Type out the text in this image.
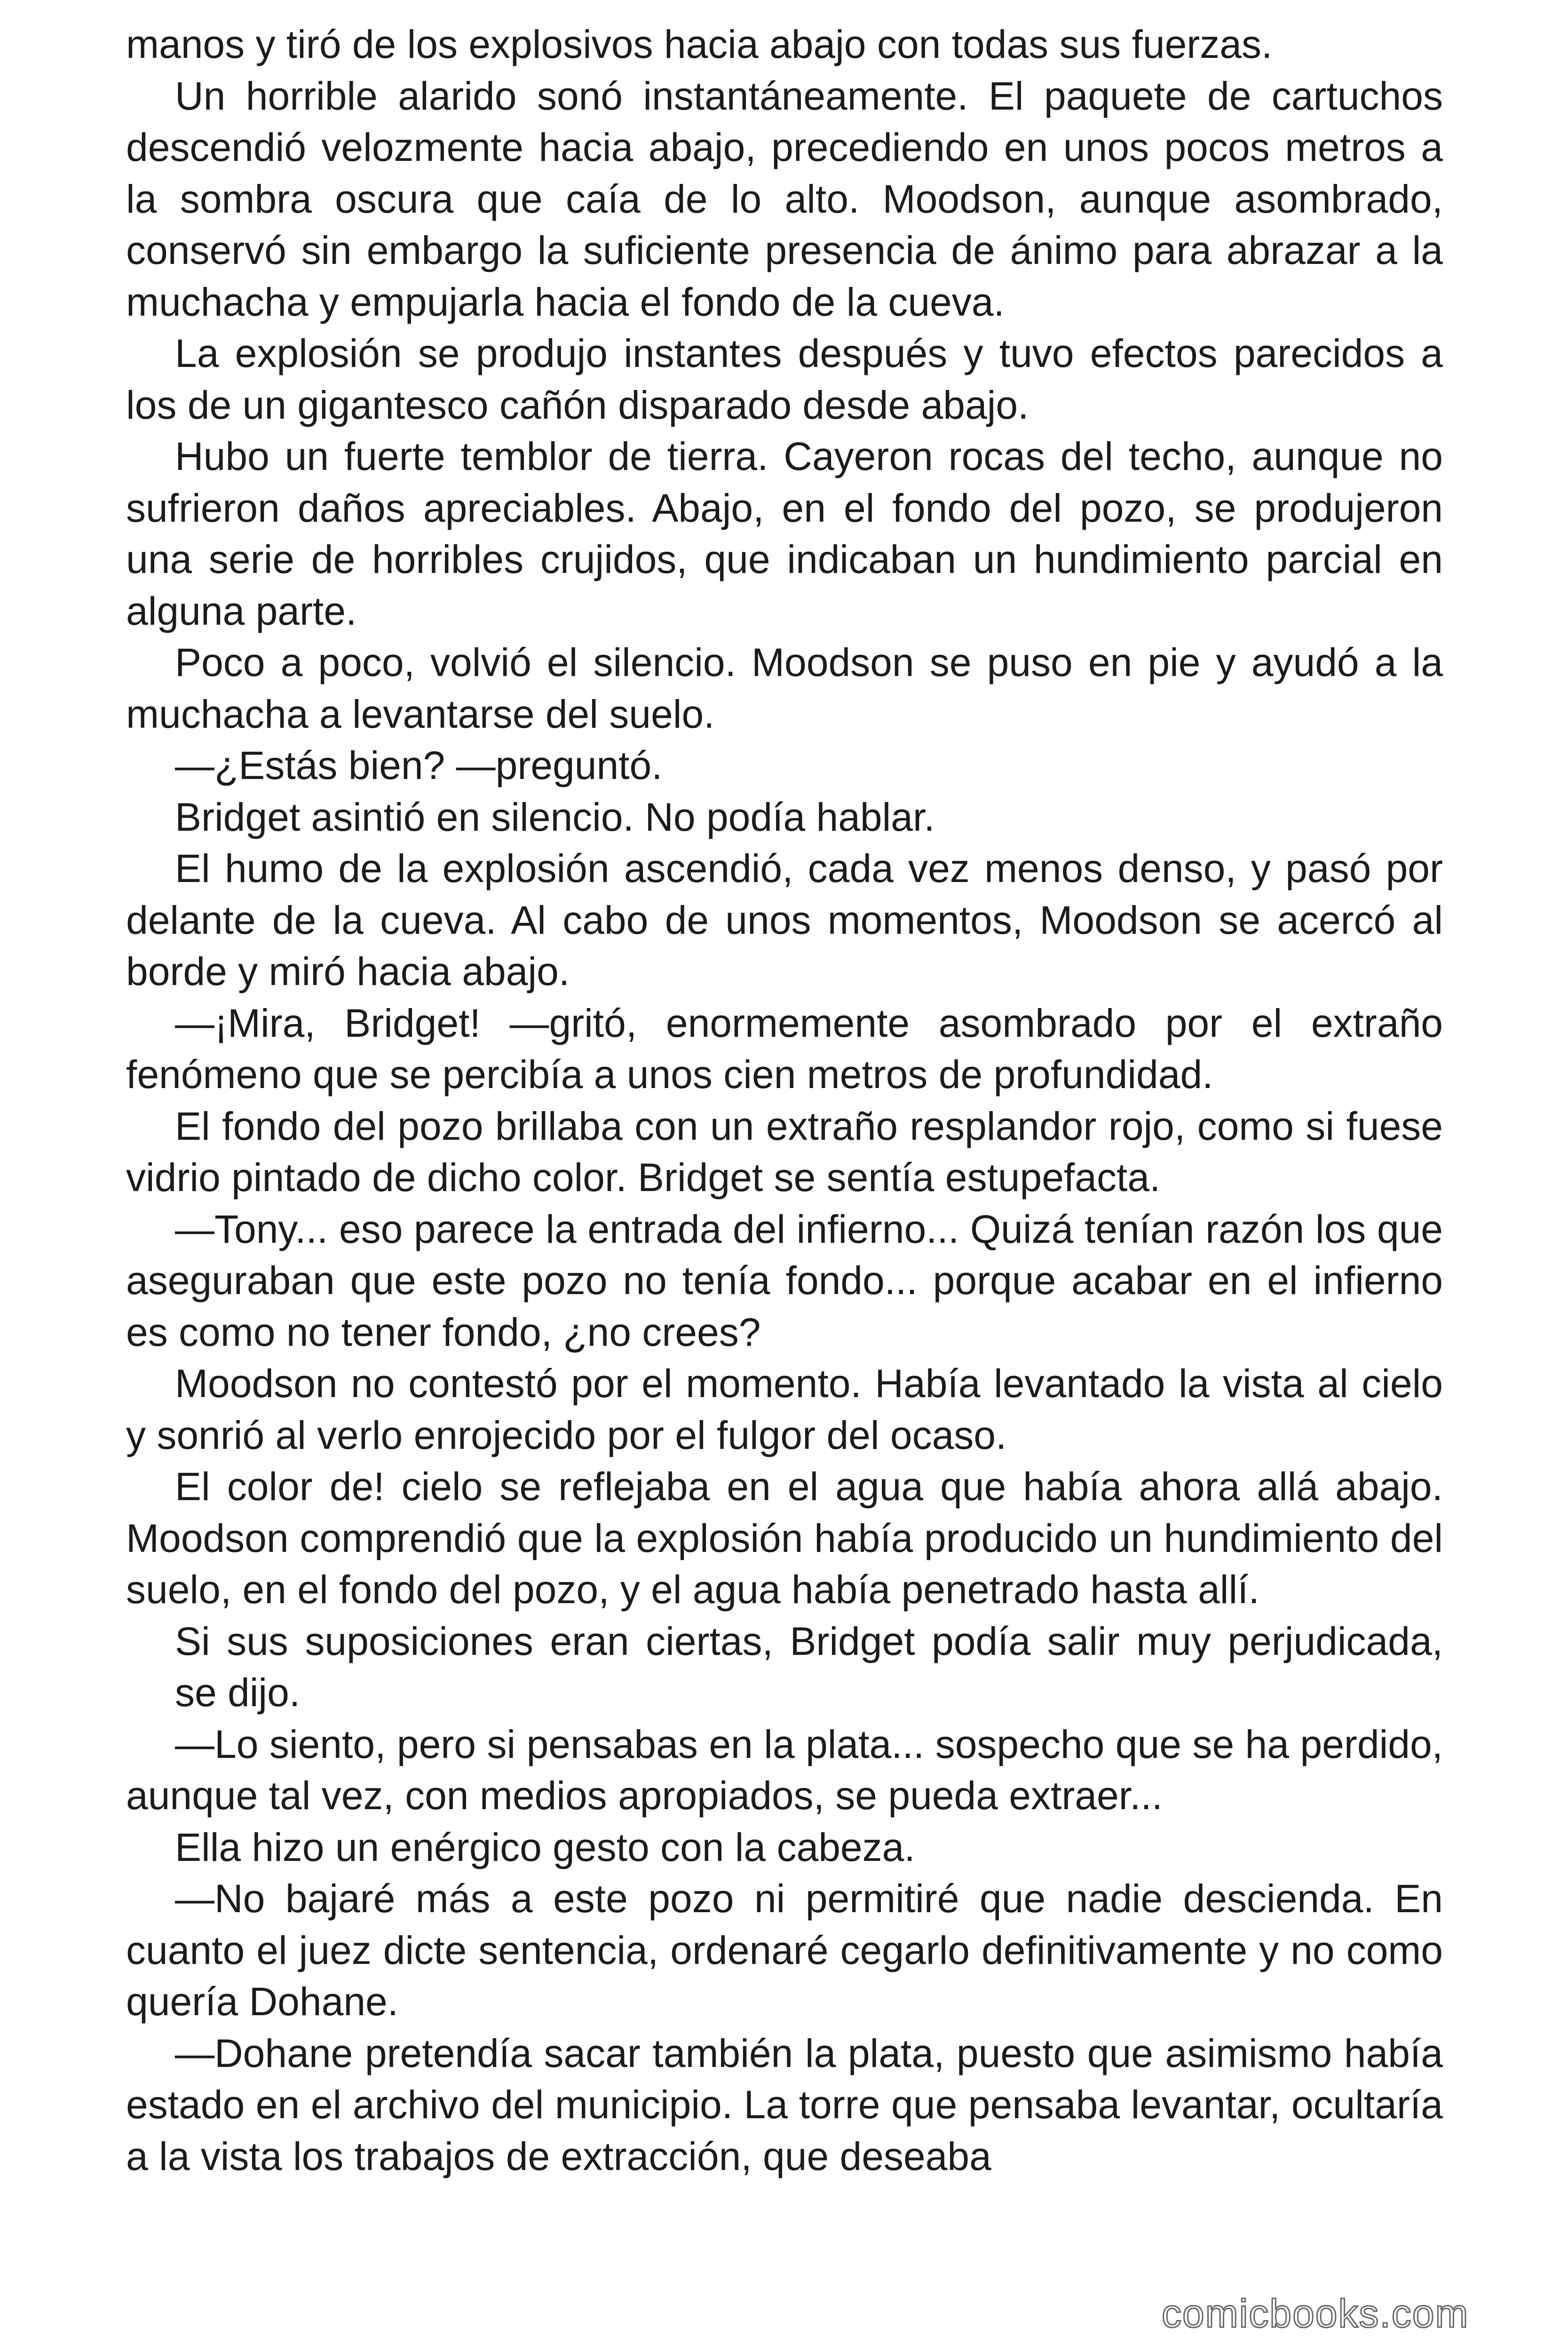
manos y tiró de los explosivos hacia abajo con todas sus fuerzas.

Un horrible alarido sonó instantáneamente. El paquete de cartuchos descendió velozmente hacia abajo, precediendo en unos pocos metros a la sombra oscura que caía de lo alto. Moodson, aunque asombrado, conservó sin embargo la suficiente presencia de ánimo para abrazar a la muchacha y empujarla hacia el fondo de la cueva.

La explosión se produjo instantes después y tuvo efectos parecidos a los de un gigantesco cañón disparado desde abajo.

Hubo un fuerte temblor de tierra. Cayeron rocas del techo, aunque no sufrieron daños apreciables. Abajo, en el fondo del pozo, se produjeron una serie de horribles crujidos, que indicaban un hundimiento parcial en alguna parte.

Poco a poco, volvió el silencio. Moodson se puso en pie y ayudó a la muchacha a levantarse del suelo.

—¿Estás bien? —preguntó.

Bridget asintió en silencio. No podía hablar.

El humo de la explosión ascendió, cada vez menos denso, y pasó por delante de la cueva. Al cabo de unos momentos, Moodson se acercó al borde y miró hacia abajo.

—¡Mira, Bridget! —gritó, enormemente asombrado por el extraño fenómeno que se percibía a unos cien metros de profundidad.

El fondo del pozo brillaba con un extraño resplandor rojo, como si fuese vidrio pintado de dicho color. Bridget se sentía estupefacta.

—Tony... eso parece la entrada del infierno... Quizá tenían razón los que aseguraban que este pozo no tenía fondo... porque acabar en el infierno es como no tener fondo, ¿no crees?

Moodson no contestó por el momento. Había levantado la vista al cielo y sonrió al verlo enrojecido por el fulgor del ocaso.

El color de! cielo se reflejaba en el agua que había ahora allá abajo. Moodson comprendió que la explosión había producido un hundimiento del suelo, en el fondo del pozo, y el agua había penetrado hasta allí.

Si sus suposiciones eran ciertas, Bridget podía salir muy perjudicada, se dijo.

—Lo siento, pero si pensabas en la plata... sospecho que se ha perdido, aunque tal vez, con medios apropiados, se pueda extraer...

Ella hizo un enérgico gesto con la cabeza.

—No bajaré más a este pozo ni permitiré que nadie descienda. En cuanto el juez dicte sentencia, ordenaré cegarlo definitivamente y no como quería Dohane.

—Dohane pretendía sacar también la plata, puesto que asimismo había estado en el archivo del municipio. La torre que pensaba levantar, ocultaría a la vista los trabajos de extracción, que deseaba

comicbooks.com
